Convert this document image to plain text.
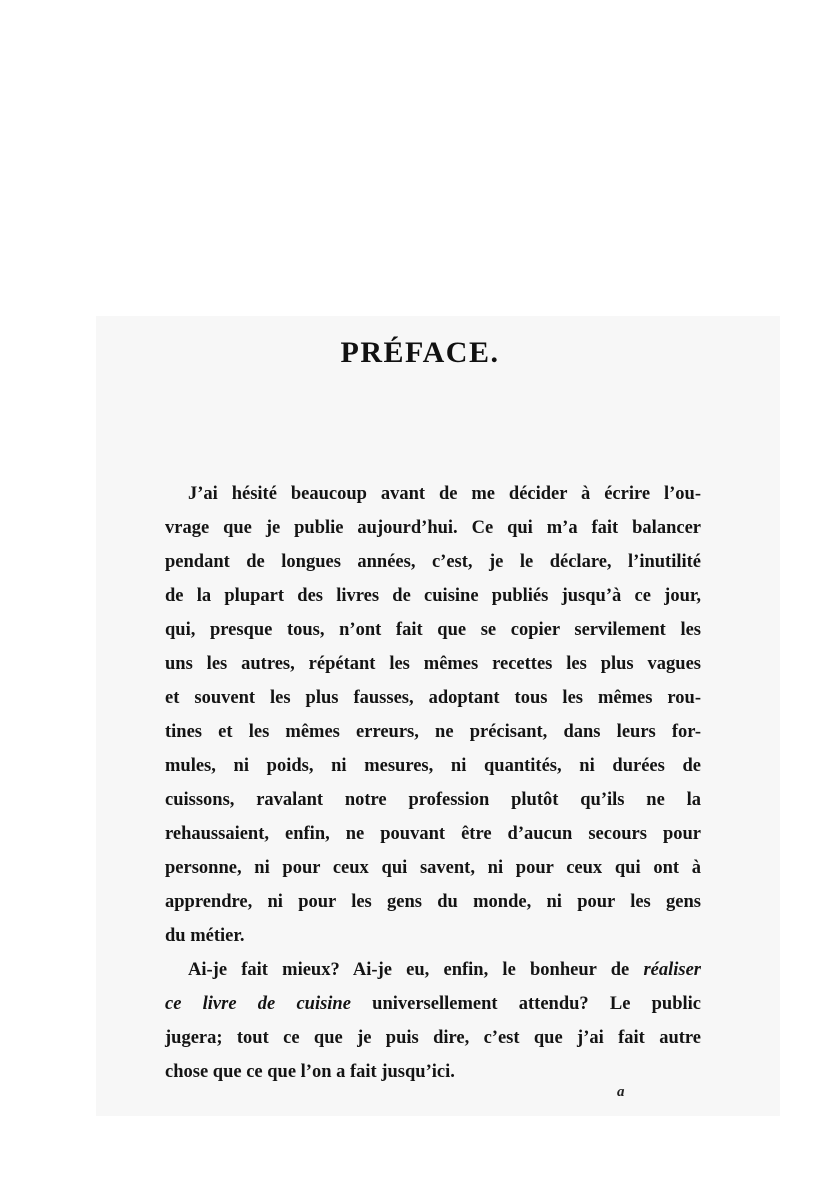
PRÉFACE.
J’ai hésité beaucoup avant de me décider à écrire l’ou-
vrage que je publie aujourd’hui. Ce qui m’a fait balancer
pendant de longues années, c’est, je le déclare, l’inutilité
de la plupart des livres de cuisine publiés jusqu’à ce jour,
qui, presque tous, n’ont fait que se copier servilement les
uns les autres, répétant les mêmes recettes les plus vagues
et souvent les plus fausses, adoptant tous les mêmes rou-
tines et les mêmes erreurs, ne précisant, dans leurs for-
mules, ni poids, ni mesures, ni quantités, ni durées de
cuissons, ravalant notre profession plutôt qu’ils ne la
rehaussaient, enfin, ne pouvant être d’aucun secours pour
personne, ni pour ceux qui savent, ni pour ceux qui ont à
apprendre, ni pour les gens du monde, ni pour les gens
du métier.
Ai-je fait mieux? Ai-je eu, enfin, le bonheur de réaliser
ce livre de cuisine universellement attendu? Le public
jugera; tout ce que je puis dire, c’est que j’ai fait autre
chose que ce que l’on a fait jusqu’ici.
a
